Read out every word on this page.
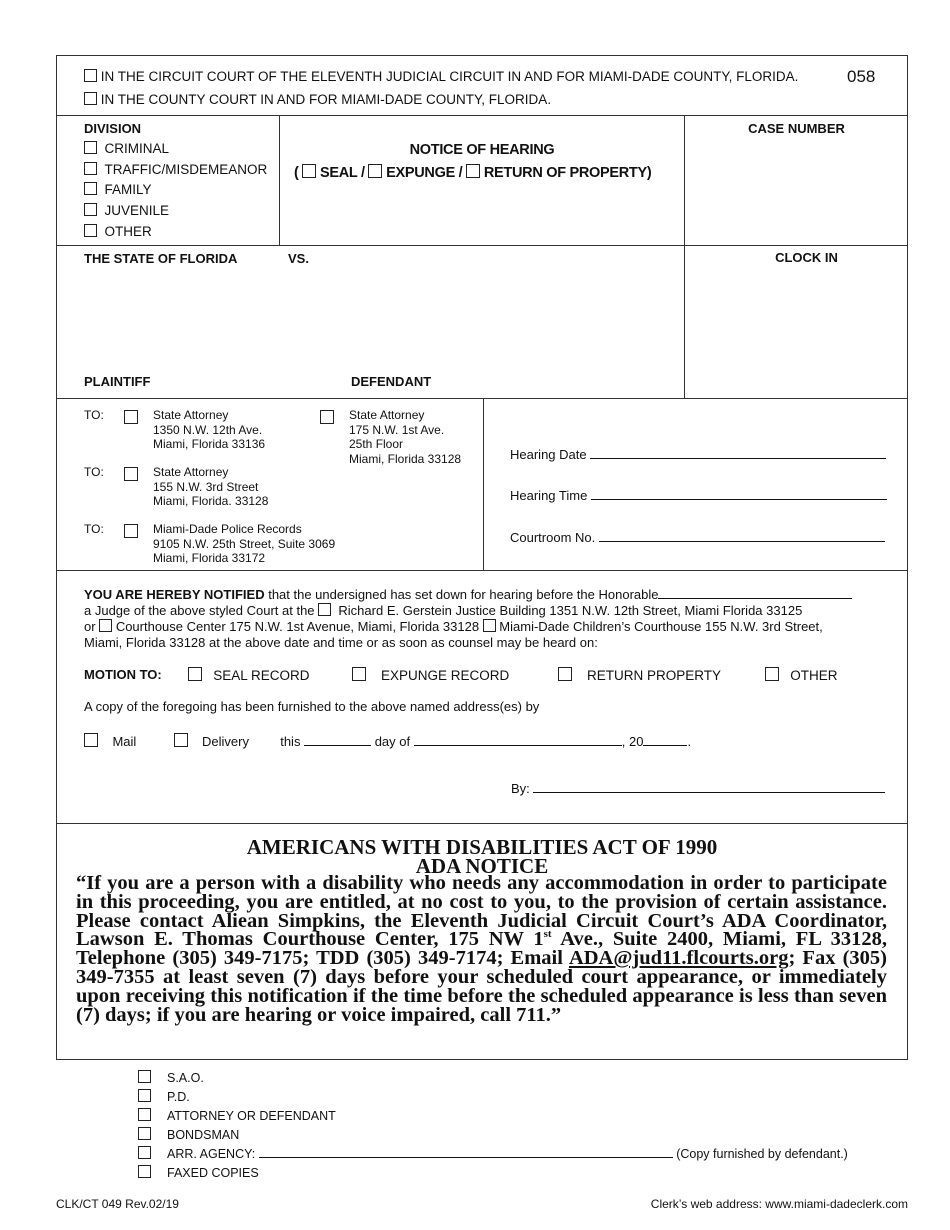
IN THE CIRCUIT COURT OF THE ELEVENTH JUDICIAL CIRCUIT IN AND FOR MIAMI-DADE COUNTY, FLORIDA.	058
IN THE COUNTY COURT IN AND FOR MIAMI-DADE COUNTY, FLORIDA.
DIVISION
CRIMINAL
TRAFFIC/MISDEMEANOR
FAMILY
JUVENILE
OTHER
NOTICE OF HEARING
( SEAL / EXPUNGE / RETURN OF PROPERTY)
CASE NUMBER
CLOCK IN
THE STATE OF FLORIDA	VS.
PLAINTIFF	DEFENDANT
TO:	State Attorney
1350 N.W. 12th Ave.
Miami, Florida 33136
State Attorney
175 N.W. 1st Ave.
25th Floor
Miami, Florida 33128
TO:	State Attorney
155 N.W. 3rd Street
Miami, Florida. 33128
TO:	Miami-Dade Police Records
9105 N.W. 25th Street, Suite 3069
Miami, Florida 33172
Hearing Date
Hearing Time
Courtroom No.
YOU ARE HEREBY NOTIFIED that the undersigned has set down for hearing before the Honorable
a Judge of the above styled Court at the Richard E. Gerstein Justice Building 1351 N.W. 12th Street, Miami Florida 33125
or Courthouse Center 175 N.W. 1st Avenue, Miami, Florida 33128 Miami-Dade Children’s Courthouse 155 N.W. 3rd Street,
Miami, Florida 33128 at the above date and time or as soon as counsel may be heard on:
MOTION TO:	SEAL RECORD	EXPUNGE RECORD	RETURN PROPERTY	OTHER
A copy of the foregoing has been furnished to the above named address(es) by
Mail	Delivery this	day of	, 20	.
By:
AMERICANS WITH DISABILITIES ACT OF 1990
ADA NOTICE
“If you are a person with a disability who needs any accommodation in order to participate in this proceeding, you are entitled, at no cost to you, to the provision of certain assistance. Please contact Aliean Simpkins, the Eleventh Judicial Circuit Court’s ADA Coordinator, Lawson E. Thomas Courthouse Center, 175 NW 1st Ave., Suite 2400, Miami, FL 33128, Telephone (305) 349-7175; TDD (305) 349-7174; Email ADA@jud11.flcourts.org; Fax (305) 349-7355 at least seven (7) days before your scheduled court appearance, or immediately upon receiving this notification if the time before the scheduled appearance is less than seven (7) days; if you are hearing or voice impaired, call 711.”
S.A.O.
P.D.
ATTORNEY OR DEFENDANT
BONDSMAN
ARR. AGENCY:	(Copy furnished by defendant.)
FAXED COPIES
CLK/CT 049 Rev.02/19	Clerk’s web address: www.miami-dadeclerk.com
